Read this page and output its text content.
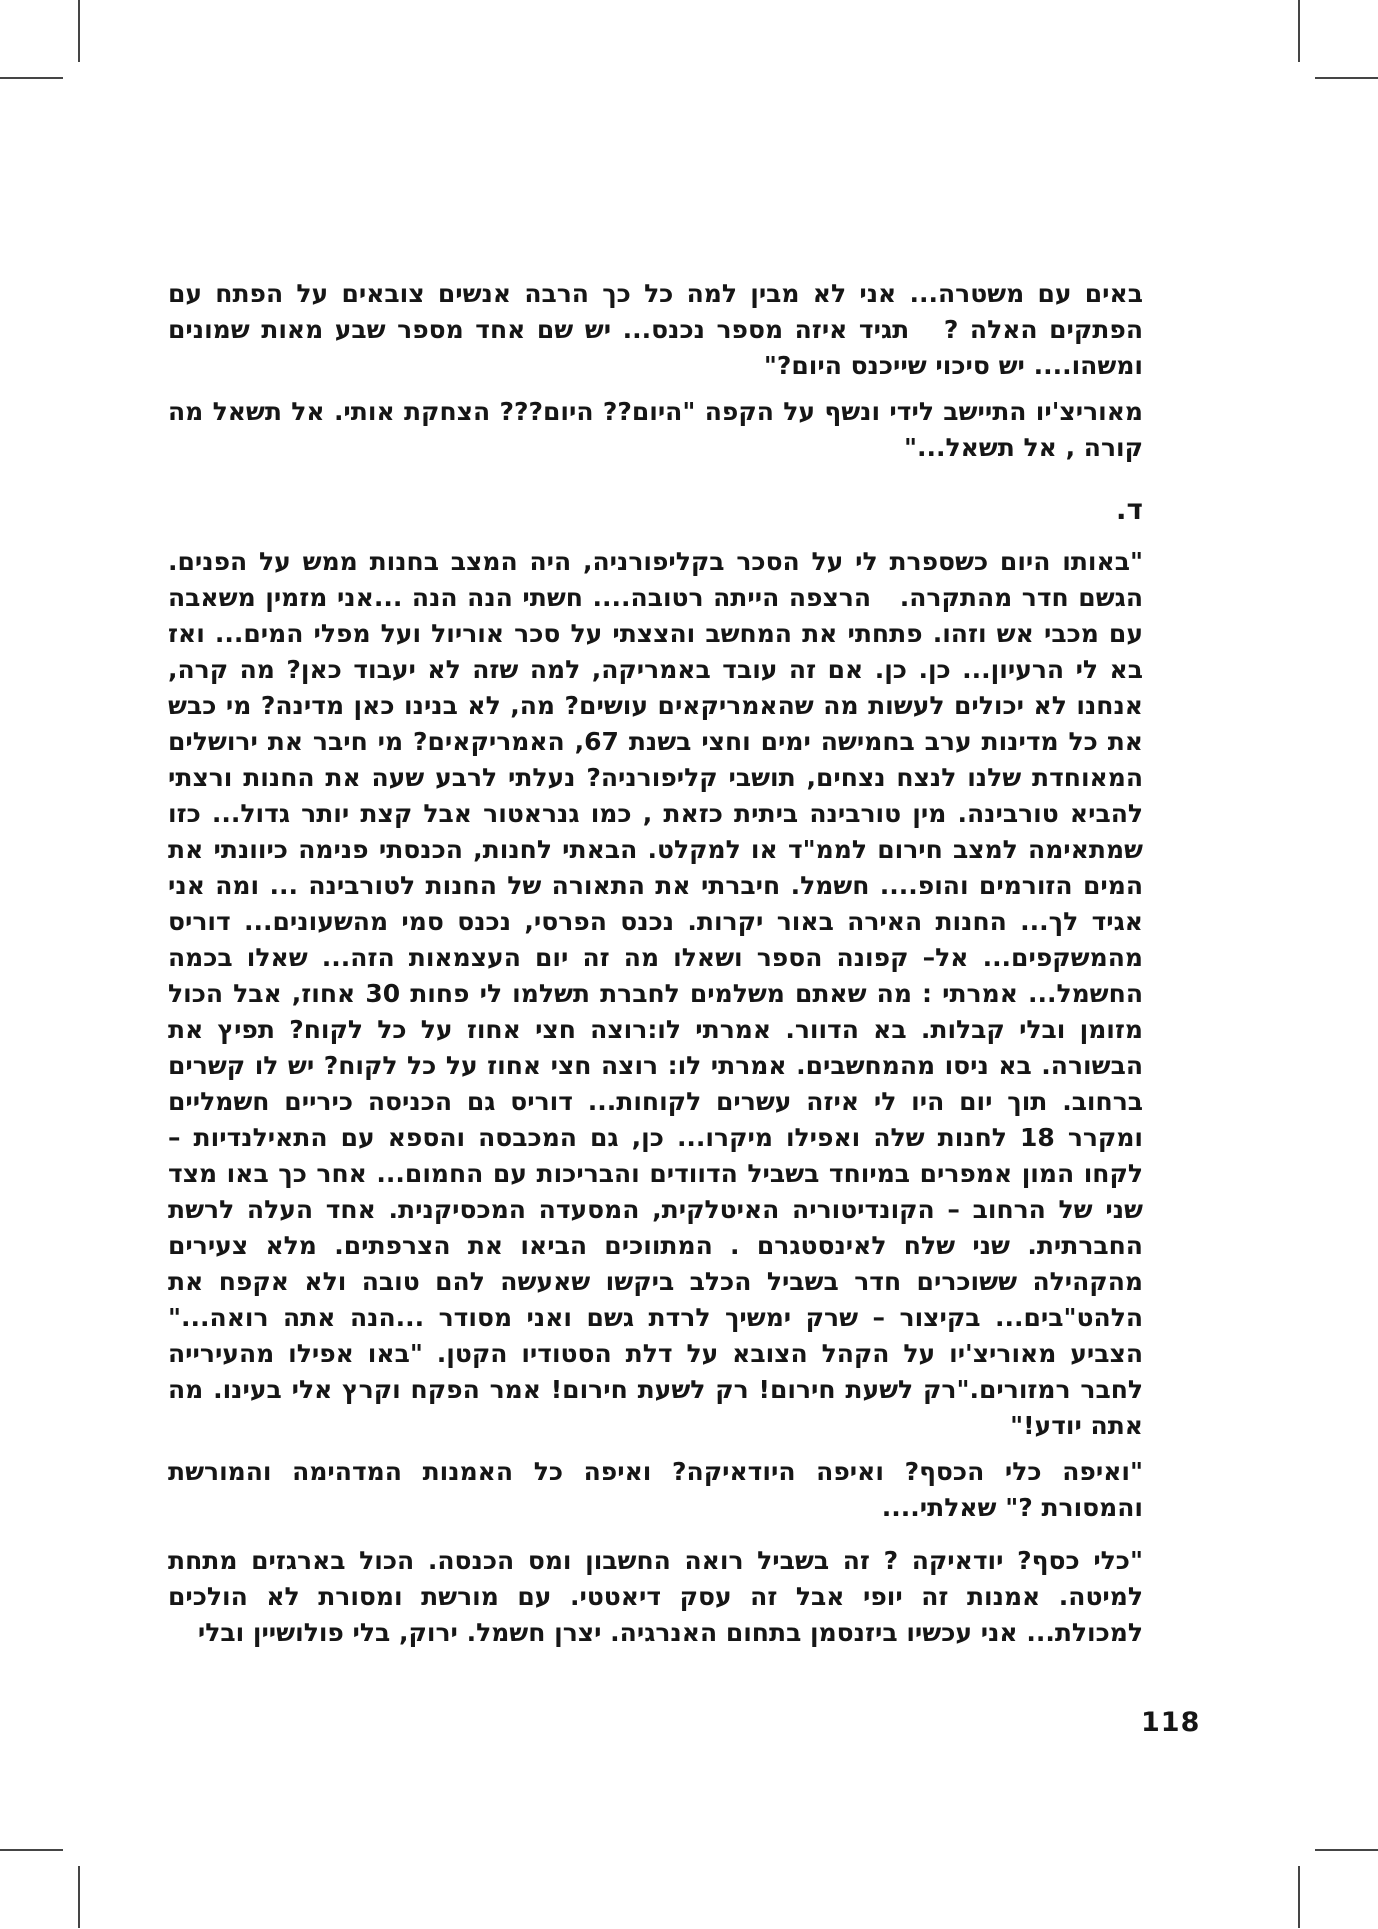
באים עם משטרה... אני לא מבין למה כל כך הרבה אנשים צובאים על הפתח עם הפתקים האלה ?   תגיד איזה מספר נכנס... יש שם אחד מספר שבע מאות שמונים ומשהו.... יש סיכוי שייכנס היום?"

מאוריצ'יו התיישב לידי ונשף על הקפה "היום?? היום??? הצחקת אותי. אל תשאל מה קורה , אל תשאל..."

ד.

"באותו היום כשספרת לי על הסכר בקליפורניה, היה המצב בחנות ממש על הפנים. הגשם חדר מהתקרה.   הרצפה הייתה רטובה.... חשתי הנה הנה ...אני מזמין משאבה עם מכבי אש וזהו. פתחתי את המחשב והצצתי על סכר אוריול ועל מפלי המים... ואז בא לי הרעיון... כן. כן. אם זה עובד באמריקה, למה שזה לא יעבוד כאן? מה קרה, אנחנו לא יכולים לעשות מה שהאמריקאים עושים? מה, לא בנינו כאן מדינה? מי כבש את כל מדינות ערב בחמישה ימים וחצי בשנת 67, האמריקאים? מי חיבר את ירושלים המאוחדת שלנו לנצח נצחים, תושבי קליפורניה? נעלתי לרבע שעה את החנות ורצתי להביא טורבינה. מין טורבינה ביתית כזאת , כמו גנראטור אבל קצת יותר גדול... כזו שמתאימה למצב חירום לממ"ד או למקלט. הבאתי לחנות, הכנסתי פנימה כיוונתי את המים הזורמים והופ.... חשמל. חיברתי את התאורה של החנות לטורבינה ... ומה אני אגיד לך... החנות האירה באור יקרות. נכנס הפרסי, נכנס סמי מהשעונים... דוריס מהמשקפים... אל– קפונה הספר ושאלו מה זה יום העצמאות הזה... שאלו בכמה החשמל... אמרתי : מה שאתם משלמים לחברת תשלמו לי פחות 30 אחוז, אבל הכול מזומן ובלי קבלות. בא הדוור. אמרתי לו:רוצה חצי אחוז על כל לקוח? תפיץ את הבשורה. בא ניסו מהמחשבים. אמרתי לו: רוצה חצי אחוז על כל לקוח? יש לו קשרים ברחוב. תוך יום היו לי איזה עשרים לקוחות... דוריס גם הכניסה כיריים חשמליים ומקרר 18 לחנות שלה ואפילו מיקרו... כן, גם המכבסה והספא עם התאילנדיות – לקחו המון אמפרים במיוחד בשביל הדוודים והבריכות עם החמום... אחר כך באו מצד שני של הרחוב – הקונדיטוריה האיטלקית, המסעדה המכסיקנית. אחד העלה לרשת החברתית. שני שלח לאינסטגרם . המתווכים הביאו את הצרפתים. מלא צעירים מהקהילה ששוכרים חדר בשביל הכלב ביקשו שאעשה להם טובה ולא אקפח את הלהט"בים... בקיצור – שרק ימשיך לרדת גשם ואני מסודר ...הנה אתה רואה..." הצביע מאוריצ'יו על הקהל הצובא על דלת הסטודיו הקטן. "באו אפילו מהעירייה לחבר רמזורים."רק לשעת חירום! רק לשעת חירום! אמר הפקח וקרץ אלי בעינו. מה אתה יודע!"

"ואיפה כלי הכסף? ואיפה היודאיקה? ואיפה כל האמנות המדהימה והמורשת והמסורת ?" שאלתי....

"כלי כסף? יודאיקה ? זה בשביל רואה החשבון ומס הכנסה. הכול בארגזים מתחת למיטה. אמנות זה יופי אבל זה עסק דיאטטי. עם מורשת ומסורת לא הולכים למכולת... אני עכשיו ביזנסמן בתחום האנרגיה. יצרן חשמל. ירוק, בלי פולושיין ובלי

118
